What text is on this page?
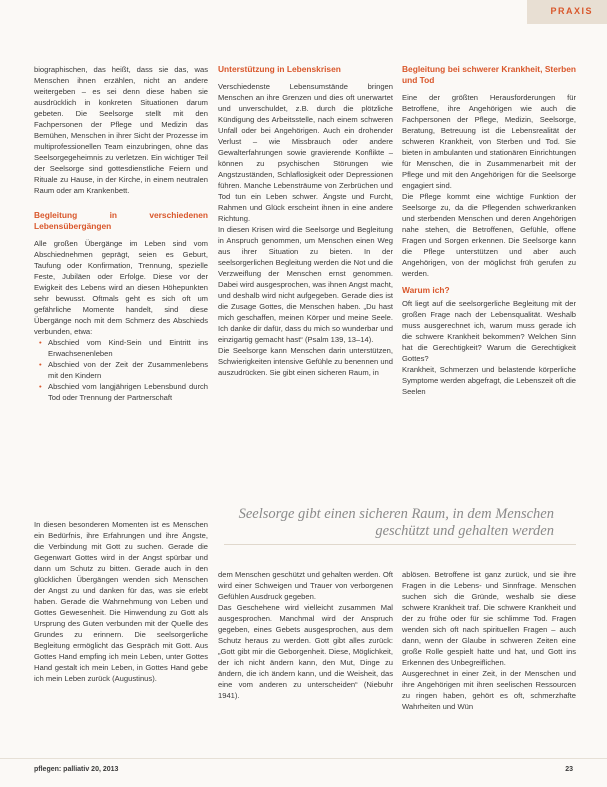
PRAXIS

biographischen, das heißt, dass sie das, was Menschen ihnen erzählen, nicht an andere weitergeben – es sei denn diese haben sie ausdrücklich in konkreten Situationen darum gebeten. Die Seelsorge stellt mit den Fachpersonen der Pflege und Medizin das Bemühen, Menschen in ihrer Sicht der Prozesse im multiprofessionellen Team einzubringen, ohne das Seelsorgegeheimnis zu verletzen. Ein wichtiger Teil der Seelsorge sind gottesdienstliche Feiern und Rituale zu Hause, in der Kirche, in einem neutralen Raum oder am Krankenbett.

Begleitung in verschiedenen Lebensübergängen

Alle großen Übergänge im Leben sind vom Abschiednehmen geprägt, seien es Geburt, Taufung oder Konfirmation, Trennung, spezielle Feste, Jubiläen oder Erfolge. Diese vor der Ewigkeit des Lebens wird an diesen Höhepunkten sehr bewusst. Oftmals geht es sich oft um gefährliche Momente handelt, sind diese Übergänge noch mit dem Schmerz des Abschieds verbunden, etwa:

• Abschied vom Kind-Sein und Eintritt ins Erwachsenenleben
• Abschied von der Zeit der Zusammenlebens mit den Kindern
• Abschied vom langjährigen Lebensbund durch Tod oder Trennung der Partnerschaft

In diesen besonderen Momenten ist es Menschen ein Bedürfnis, ihre Erfahrungen und ihre Ängste, die Verbindung mit Gott zu suchen. Gerade die Gegenwart Gottes wird in der Angst spürbar und dann um Schutz zu bitten. Gerade auch in den glücklichen Übergängen wenden sich Menschen der Angst zu und danken für das, was sie erlebt haben. Gerade die Wahrnehmung von Leben und Gottes Gewesenheit. Die Hinwendung zu Gott als Ursprung des Guten verbunden mit der Quelle des Grundes zu erinnern. Die seelsorgerliche Begleitung ermöglicht das Gespräch mit Gott. Aus Gottes Hand empfing ich mein Leben, unter Gottes Hand gestalt ich mein Leben, in Gottes Hand gebe ich mein Leben zurück (Augustinus).

Unterstützung in Lebenskrisen

Verschiedenste Lebensumstände bringen Menschen an ihre Grenzen und dies oft unerwartet und unverschuldet, z.B. durch die plötzliche Kündigung des Arbeitsstelle, nach einem schweren Unfall oder bei Angehörigen. Auch ein drohender Verlust – wie Missbrauch oder andere Gewalterfahrungen sowie gravierende Konflikte – können zu psychischen Störungen wie Angstzuständen, Schlaflosigkeit oder Depressionen führen. Manche Lebensträume von Zerbrüchen und Tod tun ein Leben schwer. Ängste und Furcht, Rahmen und Glück erscheint ihnen in eine andere Richtung.

In diesen Krisen wird die Seelsorge und Begleitung in Anspruch genommen, um Menschen einen Weg aus ihrer Situation zu bieten. In der seelsorgerlichen Begleitung werden die Not und die Verzweiflung der Menschen ernst genommen. Dabei wird ausgesprochen, was ihnen Angst macht, und deshalb wird nicht aufgegeben. Gerade dies ist die Zusage Gottes, die Menschen haben. „Du hast mich geschaffen, meinen Körper und meine Seele. Ich danke dir dafür, dass du mich so wunderbar und einzigartig gemacht hast“ (Psalm 139, 13–14).

Die Seelsorge kann Menschen darin unterstützen, Schwierigkeiten intensive Gefühle zu benennen und auszudrücken. Sie gibt einen sicheren Raum, in

dem Menschen geschützt und gehalten werden. Oft wird einer Schweigen und Trauer von verborgenen Gefühlen Ausdruck gegeben.

Das Geschehene wird vielleicht zusammen Mal ausgesprochen. Manchmal wird der Anspruch gegeben, eines Gebets ausgesprochen, aus dem Schutz heraus zu werden. Gott gibt alles zurück: „Gott gibt mir die Geborgenheit. Diese, Möglichkeit, der ich nicht ändern kann, den Mut, Dinge zu ändern, die ich ändern kann, und die Weisheit, das eine vom anderen zu unterscheiden“ (Niebuhr 1941).

Begleitung bei schwerer Krankheit, Sterben und Tod

Eine der größten Herausforderungen für Betroffene, ihre Angehörigen wie auch die Fachpersonen der Pflege, Medizin, Seelsorge, Beratung, Betreuung ist die Lebensrealität der schweren Krankheit, von Sterben und Tod. Sie bieten in ambulanten und stationären Einrichtungen für Menschen, die in Zusammenarbeit mit der Pflege und mit den Angehörigen für die Seelsorge engagiert sind.

Die Pflege kommt eine wichtige Funktion der Seelsorge zu, da die Pflegenden schwerkranken und sterbenden Menschen und deren Angehörigen nahe stehen, die Betroffenen, Gefühle, offene Fragen und Sorgen erkennen. Die Seelsorge kann die Pflege unterstützen und aber auch Angehörigen, von der möglichst früh gerufen zu werden.

Warum ich?

Oft liegt auf die seelsorgerliche Begleitung mit der großen Frage nach der Lebensqualität. Weshalb muss ausgerechnet ich, warum muss gerade ich die schwere Krankheit bekommen? Welchen Sinn hat die Gerechtigkeit? Warum die Gerechtigkeit Gottes?

Krankheit, Schmerzen und belastende körperliche Symptome werden abgefragt, die Lebenszeit oft die Seelen

ablösen. Betroffene ist ganz zurück, und sie ihre Fragen in die Lebens- und Sinnfrage. Menschen suchen sich die Gründe, weshalb sie diese schwere Krankheit traf. Die schwere Krankheit und der zu frühe oder für sie schlimme Tod. Fragen wenden sich oft nach spirituellen Fragen – auch dann, wenn der Glaube in schweren Zeiten eine große Rolle gespielt hatte und hat, und Gott ins Erkennen des Unbegreiflichen.

Ausgerechnet in einer Zeit, in der Menschen und ihre Angehörigen mit ihren seelischen Ressourcen zu ringen haben, gehört es oft, schmerzhafte Wahrheiten und Wün

Seelsorge gibt einen sicheren Raum, in dem Menschen geschützt und gehalten werden
pflegen: palliativ 20, 2013	23
